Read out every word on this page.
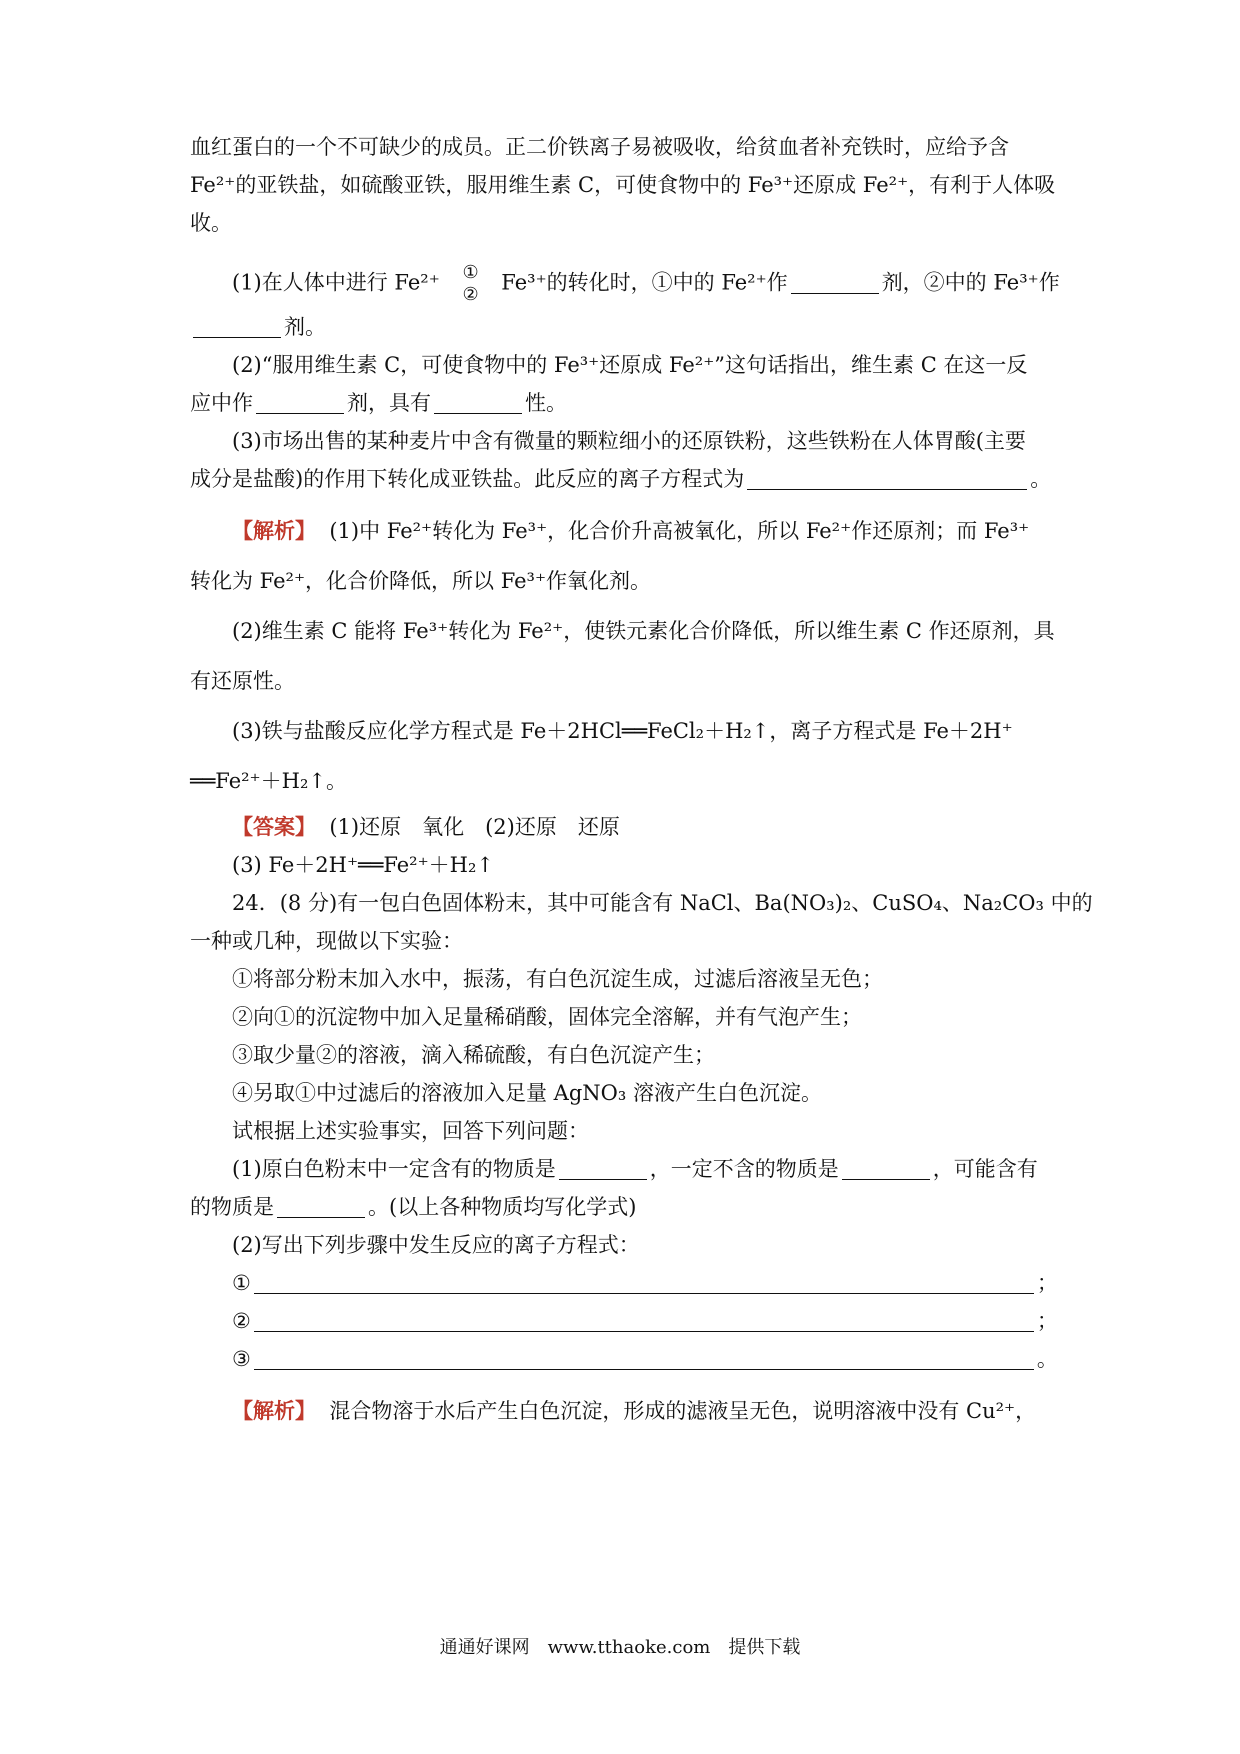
血红蛋白的一个不可缺少的成员。正二价铁离子易被吸收，给贫血者补充铁时，应给予含
Fe²⁺的亚铁盐，如硫酸亚铁，服用维生素 C，可使食物中的 Fe³⁺还原成 Fe²⁺，有利于人体吸
收。
(1)在人体中进行 Fe²⁺ ①
② Fe³⁺的转化时，①中的 Fe²⁺作	剂，②中的 Fe³⁺作
剂。
(2)“服用维生素 C，可使食物中的 Fe³⁺还原成 Fe²⁺”这句话指出，维生素 C 在这一反
应中作	剂，具有	性。
(3)市场出售的某种麦片中含有微量的颗粒细小的还原铁粉，这些铁粉在人体胃酸(主要
成分是盐酸)的作用下转化成亚铁盐。此反应的离子方程式为	。
【解析】 (1)中 Fe²⁺转化为 Fe³⁺，化合价升高被氧化，所以 Fe²⁺作还原剂；而 Fe³⁺
转化为 Fe²⁺，化合价降低，所以 Fe³⁺作氧化剂。
(2)维生素 C 能将 Fe³⁺转化为 Fe²⁺，使铁元素化合价降低，所以维生素 C 作还原剂，具
有还原性。
(3)铁与盐酸反应化学方程式是 Fe＋2HCl══FeCl₂＋H₂↑，离子方程式是 Fe＋2H⁺
══Fe²⁺＋H₂↑。
【答案】 (1)还原　氧化　(2)还原　还原
(3) Fe＋2H⁺══Fe²⁺＋H₂↑
24．(8 分)有一包白色固体粉末，其中可能含有 NaCl、Ba(NO₃)₂、CuSO₄、Na₂CO₃ 中的
一种或几种，现做以下实验：
①将部分粉末加入水中，振荡，有白色沉淀生成，过滤后溶液呈无色；
②向①的沉淀物中加入足量稀硝酸，固体完全溶解，并有气泡产生；
③取少量②的溶液，滴入稀硫酸，有白色沉淀产生；
④另取①中过滤后的溶液加入足量 AgNO₃ 溶液产生白色沉淀。
试根据上述实验事实，回答下列问题：
(1)原白色粉末中一定含有的物质是	，一定不含的物质是	，可能含有
的物质是	。(以上各种物质均写化学式)
(2)写出下列步骤中发生反应的离子方程式：
①	；
②	；
③	。
【解析】 混合物溶于水后产生白色沉淀，形成的滤液呈无色，说明溶液中没有 Cu²⁺，
通通好课网　www.tthaoke.com　提供下载
